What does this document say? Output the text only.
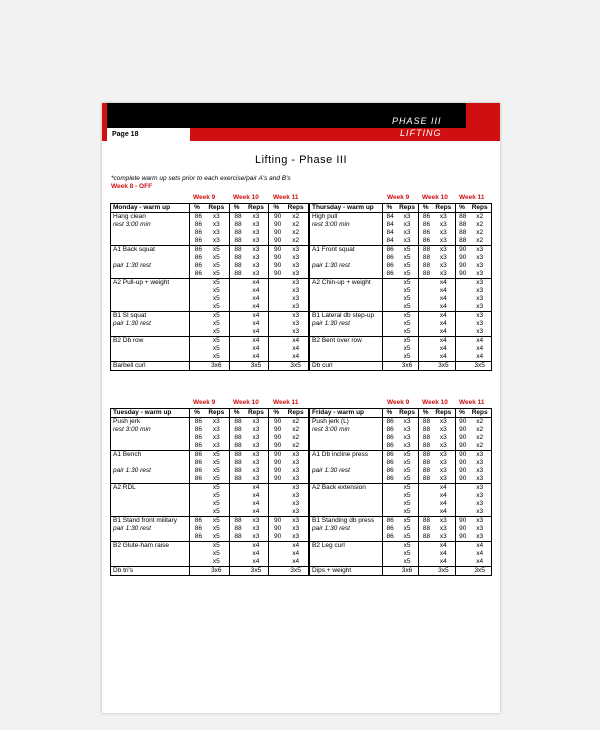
PHASE III
LIFTING
Page 18
Lifting - Phase III
*complete warm up sets prior to each exercise/pair A's and B's
Week 8 - OFF
Week 9	Week 10 Week 11	Week 9 Week 10 Week 11
Week 9	Week 10 Week 11	Week 9 Week 10 Week 11
Monday - warm up	%	Reps	%	Reps	%	Reps
Hang clean	86	x3	88	x3	90	x2
rest 3:00 min	86	x3	88	x3	90	x2
	86	x3	88	x3	90	x2
	86	x3	88	x3	90	x2
A1 Back squat	86	x5	88	x3	90	x3
	86	x5	88	x3	90	x3
pair 1:30 rest	86	x5	88	x3	90	x3
	86	x5	88	x3	90	x3
A2 Pull-up + weight		x5		x4		x3
		x5		x4		x3
		x5		x4		x3
		x5		x4		x3
B1 Sl squat		x5		x4		x3
pair 1:30 rest		x5		x4		x3
		x5		x4		x3
B2 Db row		x5		x4		x4
		x5		x4		x4
		x5		x4		x4
Barbell curl		3x6		3x5		3x5
Thursday - warm up	%	Reps	%	Reps	%	Reps
High pull	84	x3	86	x3	88	x2
rest 3:00 min	84	x3	86	x3	88	x2
	84	x3	86	x3	88	x2
	84	x3	86	x3	88	x2
A1 Front squat	86	x5	88	x3	90	x3
	86	x5	88	x3	90	x3
pair 1:30 rest	86	x5	88	x3	90	x3
	86	x5	88	x3	90	x3
A2 Chin-up + weight		x5		x4		x3
		x5		x4		x3
		x5		x4		x3
		x5		x4		x3
B1 Lateral db step-up		x5		x4		x3
pair 1:30 rest		x5		x4		x3
		x5		x4		x3
B2 Bent over row		x5		x4		x4
		x5		x4		x4
		x5		x4		x4
Db curl		3x6		3x5		3x5
Tuesday - warm up	%	Reps	%	Reps	%	Reps
Push jerk	86	x3	88	x3	90	x2
rest 3:00 min	86	x3	88	x3	90	x2
	86	x3	88	x3	90	x2
	86	x3	88	x3	90	x2
A1 Bench	86	x5	88	x3	90	x3
	86	x5	88	x3	90	x3
pair 1:30 rest	86	x5	88	x3	90	x3
	86	x5	88	x3	90	x3
A2 RDL		x5		x4		x3
		x5		x4		x3
		x5		x4		x3
		x5		x4		x3
B1 Stand front military	86	x5	88	x3	90	x3
pair 1:30 rest	86	x5	88	x3	90	x3
	86	x5	88	x3	90	x3
B2 Glute-ham raise		x5		x4		x4
		x5		x4		x4
		x5		x4		x4
Db tri's		3x6		3x5		3x5
Friday - warm up	%	Reps	%	Reps	%	Reps
Push jerk (L)	86	x3	88	x3	90	x2
rest 3:00 min	86	x3	88	x3	90	x2
	86	x3	88	x3	90	x2
	86	x3	88	x3	90	x2
A1 Db incline press	86	x5	88	x3	90	x3
	86	x5	88	x3	90	x3
pair 1:30 rest	86	x5	88	x3	90	x3
	86	x5	88	x3	90	x3
A2 Back extension		x5		x4		x3
		x5		x4		x3
		x5		x4		x3
		x5		x4		x3
B1 Standing db press	86	x5	88	x3	90	x3
pair 1:30 rest	86	x5	88	x3	90	x3
	86	x5	88	x3	90	x3
B2 Leg curl		x5		x4		x4
		x5		x4		x4
		x5		x4		x4
Dips + weight		3x6		3x5		3x5
